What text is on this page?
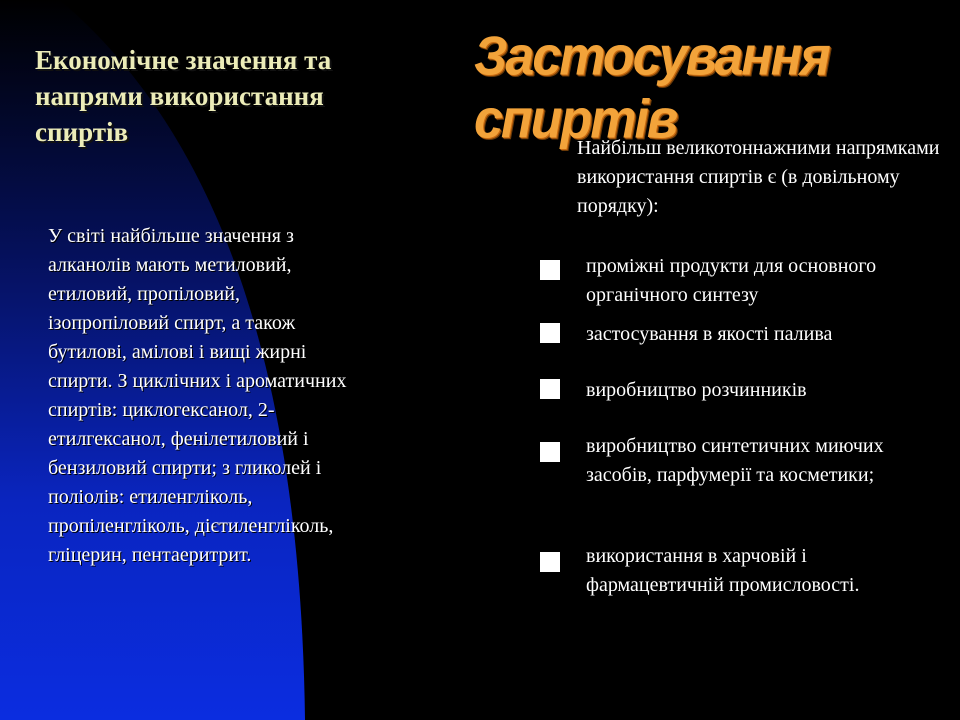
Економічне значення та напрями використання спиртів
Застосування спиртів
У світі найбільше значення з алканолів мають метиловий, етиловий, пропіловий, ізопропіловий спирт, а також бутилові, амілові і вищі жирні спирти. З циклічних і ароматичних спиртів: циклогексанол, 2-етилгексанол, фенілетиловий і бензиловий спирти; з гликолей і поліолів: етиленгліколь, пропіленгліколь, дієтиленгліколь, гліцерин, пентаеритрит.
Найбільш великотоннажними напрямками використання спиртів є (в довільному порядку):
проміжні продукти для основного органічного синтезу
застосування в якості палива
виробництво розчинників
виробництво синтетичних миючих засобів, парфумерії та косметики;
використання в харчовій і фармацевтичній промисловості.
